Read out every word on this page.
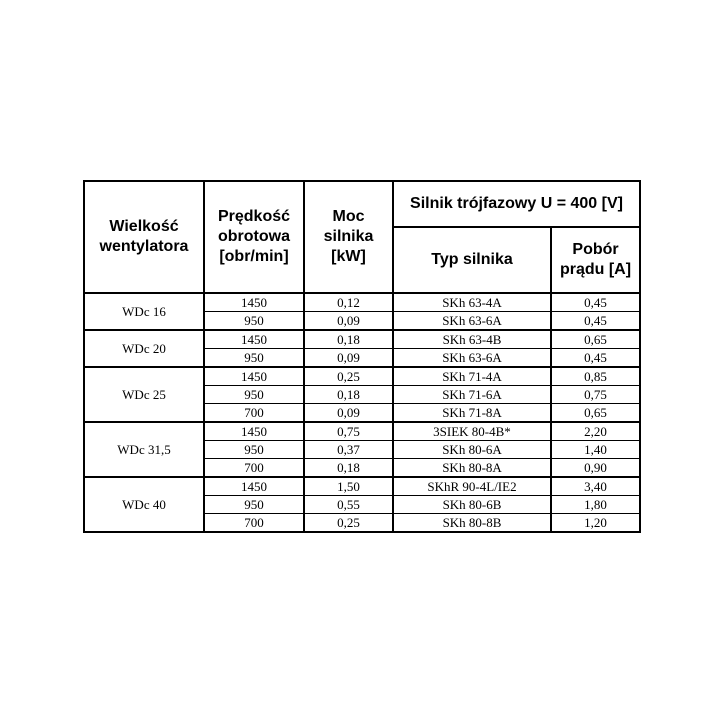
Wielkość wentylatora	Prędkość obrotowa [obr/min]	Moc silnika [kW]	Silnik trójfazowy U = 400 [V]	
			Typ silnika	Pobór prądu [A]
WDc 16	1450	0,12	SKh 63-4A	0,45
	950	0,09	SKh 63-6A	0,45
WDc 20	1450	0,18	SKh 63-4B	0,65
	950	0,09	SKh 63-6A	0,45
WDc 25	1450	0,25	SKh 71-4A	0,85
	950	0,18	SKh 71-6A	0,75
	700	0,09	SKh 71-8A	0,65
WDc 31,5	1450	0,75	3SIEK 80-4B*	2,20
	950	0,37	SKh 80-6A	1,40
	700	0,18	SKh 80-8A	0,90
WDc 40	1450	1,50	SKhR 90-4L/IE2	3,40
	950	0,55	SKh 80-6B	1,80
	700	0,25	SKh 80-8B	1,20
